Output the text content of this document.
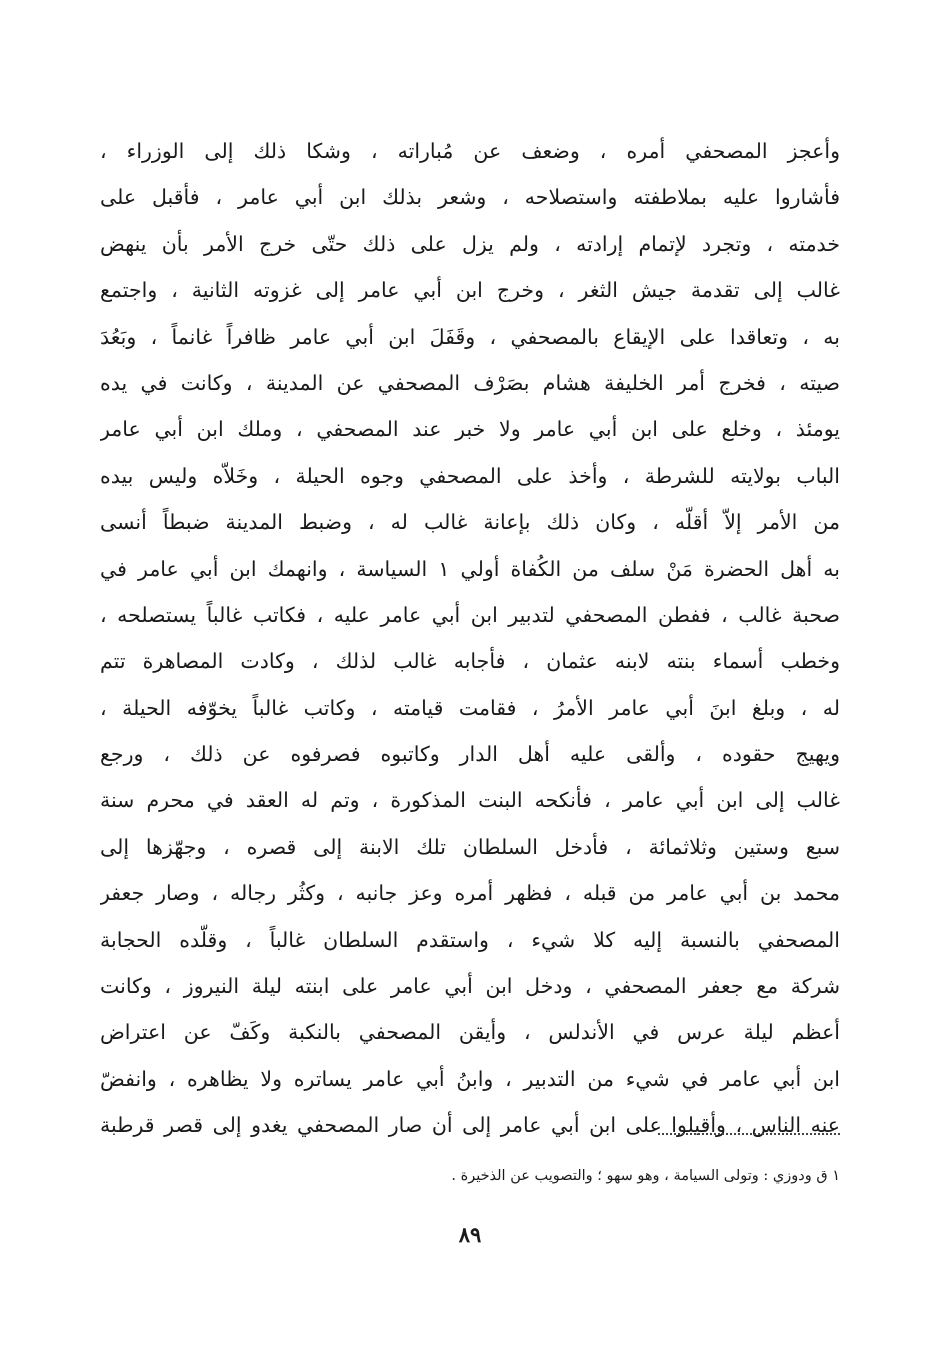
وأعجز المصحفي أمره ، وضعف عن مُباراته ، وشكا ذلك إلى الوزراء ،
فأشاروا عليه بملاطفته واستصلاحه ، وشعر بذلك ابن أبي عامر ، فأقبل على
خدمته ، وتجرد لإتمام إرادته ، ولم يزل على ذلك حتّى خرج الأمر بأن ينهض
غالب إلى تقدمة جيش الثغر ، وخرج ابن أبي عامر إلى غزوته الثانية ، واجتمع
به ، وتعاقدا على الإيقاع بالمصحفي ، وقَفَلَ ابن أبي عامر ظافراً غانماً ، وبَعُدَ
صيته ، فخرج أمر الخليفة هشام بصَرْف المصحفي عن المدينة ، وكانت في يده
يومئذ ، وخلع على ابن أبي عامر ولا خبر عند المصحفي ، وملك ابن أبي عامر
الباب بولايته للشرطة ، وأخذ على المصحفي وجوه الحيلة ، وخَلاّه وليس بيده
من الأمر إلاّ أقلّه ، وكان ذلك بإعانة غالب له ، وضبط المدينة ضبطاً أنسى
به أهل الحضرة مَنْ سلف من الكُفاة أولي ١ السياسة ، وانهمك ابن أبي عامر في
صحبة غالب ، ففطن المصحفي لتدبير ابن أبي عامر عليه ، فكاتب غالباً يستصلحه ،
وخطب أسماء بنته لابنه عثمان ، فأجابه غالب لذلك ، وكادت المصاهرة تتم
له ، وبلغ ابنَ أبي عامر الأمرُ ، فقامت قيامته ، وكاتب غالباً يخوّفه الحيلة ،
ويهيج حقوده ، وألقى عليه أهل الدار وكاتبوه فصرفوه عن ذلك ، ورجع
غالب إلى ابن أبي عامر ، فأنكحه البنت المذكورة ، وتم له العقد في محرم سنة
سبع وستين وثلاثمائة ، فأدخل السلطان تلك الابنة إلى قصره ، وجهّزها إلى
محمد بن أبي عامر من قبله ، فظهر أمره وعز جانبه ، وكثُر رجاله ، وصار جعفر
المصحفي بالنسبة إليه كلا شيء ، واستقدم السلطان غالباً ، وقلّده الحجابة
شركة مع جعفر المصحفي ، ودخل ابن أبي عامر على ابنته ليلة النيروز ، وكانت
أعظم ليلة عرس في الأندلس ، وأيقن المصحفي بالنكبة وكَفّ عن اعتراض
ابن أبي عامر في شيء من التدبير ، وابنُ أبي عامر يساتره ولا يظاهره ، وانفضّ
عنه الناس ، وأقبلوا على ابن أبي عامر إلى أن صار المصحفي يغدو إلى قصر قرطبة
١ ق ودوزي : وتولى السيامة ، وهو سهو ؛ والتصويب عن الذخيرة .
٨٩
